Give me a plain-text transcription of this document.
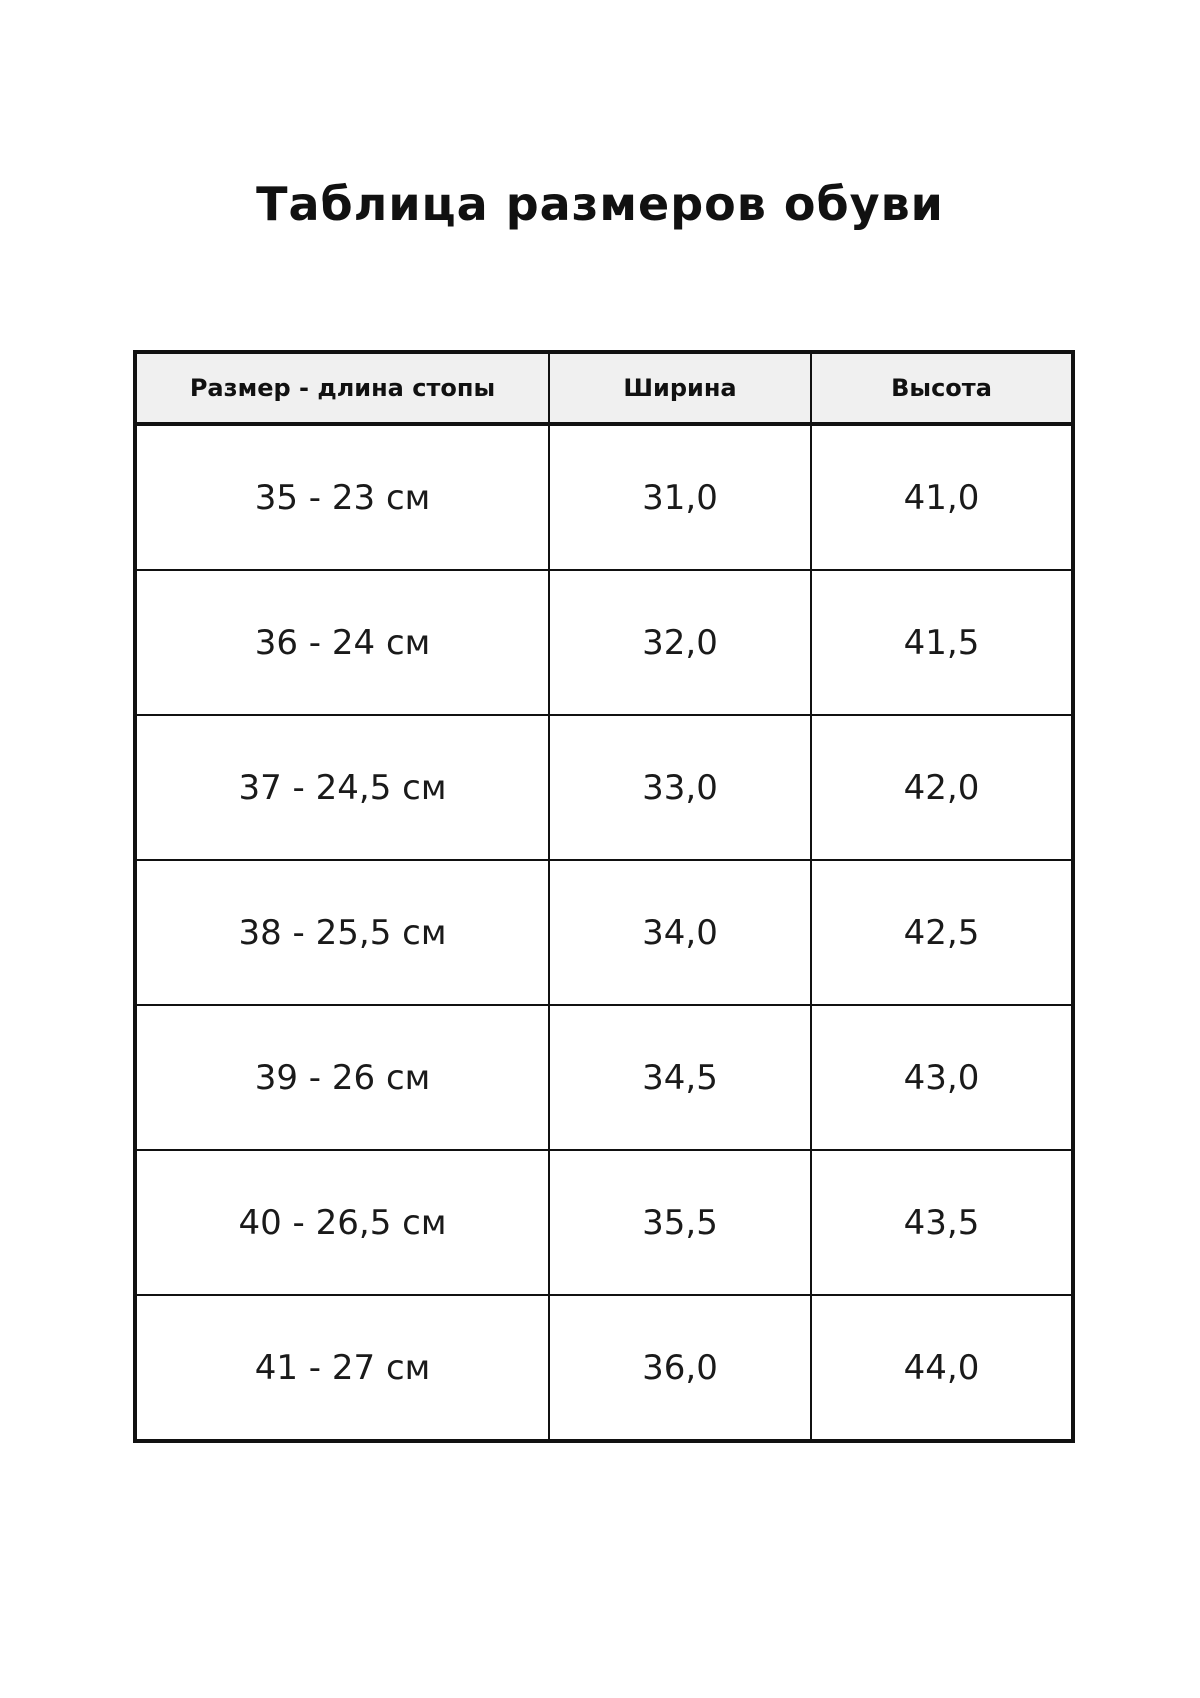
Таблица размеров обуви
Размер - длина стопы	Ширина	Высота
35 - 23 см	31,0	41,0
36 - 24 см	32,0	41,5
37 - 24,5 см	33,0	42,0
38 - 25,5 см	34,0	42,5
39 - 26 см	34,5	43,0
40 - 26,5 см	35,5	43,5
41 - 27 см	36,0	44,0
